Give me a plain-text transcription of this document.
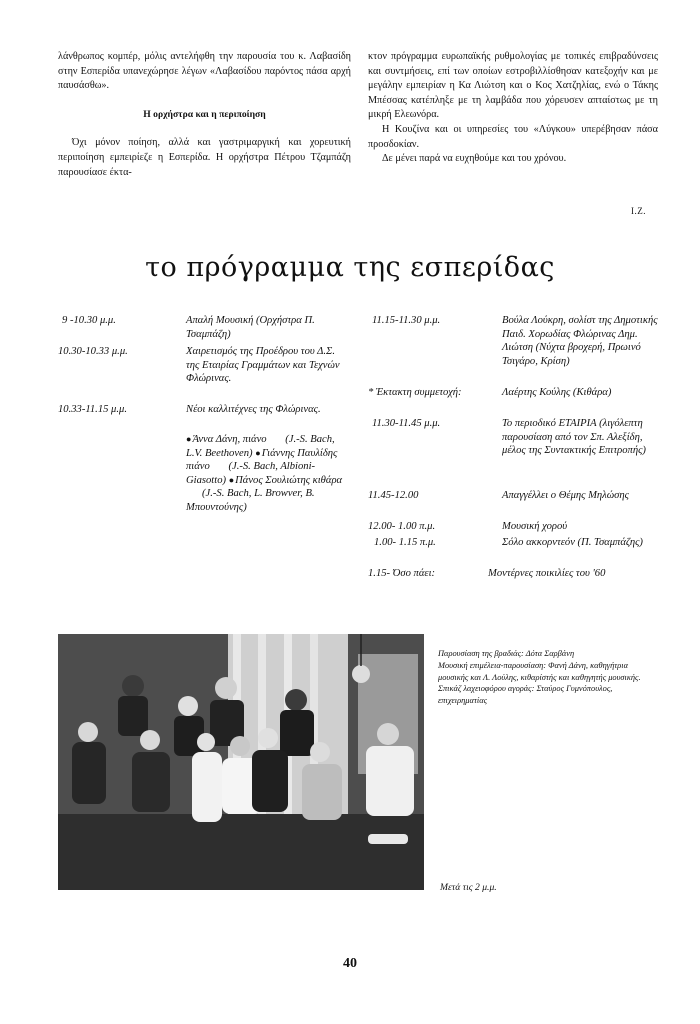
λάνθρωπος κομπέρ, μόλις αντελήφθη την παρουσία του κ. Λαβασίδη στην Εσπερίδα υπανεχώρησε λέγων «Λαβασίδου παρόντος πάσα αρχή παυσάσθω».

Η ορχήστρα και η περιποίηση

Όχι μόνον ποίηση, αλλά και γαστριμαργική και χορευτική περιποίηση εμπειρίεζε η Εσπερίδα. Η ορχήστρα Πέτρου Τζαμπάζη παρουσίασε έκτα-

κτον πρόγραμμα ευρωπαϊκής ρυθμολογίας με τοπικές επιβραδύνσεις και συντμήσεις, επί των οποίων εστροβιλλίσθησαν κατεξοχήν και με μεγάλην εμπειρίαν η Κα Λιώτση και ο Κος Χατζηλίας, ενώ ο Τάκης Μπέσσας κατέπληξε με τη λαμβάδα που χόρευσεν απταίστως με τη μικρή Ελεωνόρα.

Η Κουζίνα και οι υπηρεσίες του «Λύγκου» υπερέβησαν πάσα προσδοκίαν.

Δε μένει παρά να ευχηθούμε και του χρόνου.

Ι.Ζ.
το πρόγραμμα της εσπερίδας
9 -10.30 μ.μ.	Απαλή Μουσική (Ορχήστρα Π. Τσαμπάζη)
10.30-10.33 μ.μ.	Χαιρετισμός της Προέδρου του Δ.Σ. της Εταιρίας Γραμμάτων και Τεχνών Φλώρινας.
10.33-11.15 μ.μ.	Νέοι καλλιτέχνες της Φλώρινας.
● Άννα Δάνη, πιάνο (J.-S. Bach, L.V. Beethoven) ● Γιάννης Παυλίδης πιάνο (J.-S. Bach, Albioni-Giasotto) ● Πάνος Σουλιώτης κιθάρα (J.-S. Bach, L. Browver, B. Μπουντούνης)
11.15-11.30 μ.μ.	Βούλα Λούκρη, σολίστ της Δημοτικής Παιδ. Χορωδίας Φλώρινας Δημ. Λιώτση (Νύχτα βροχερή, Πρωινό Τσιγάρο, Κρίση)
* Έκτακτη συμμετοχή:	Λαέρτης Κούλης (Κιθάρα)
11.30-11.45 μ.μ.	Το περιοδικό ΕΤΑΙΡΙΑ (λιγόλεπτη παρουσίαση από τον Σπ. Αλεξίδη, μέλος της Συντακτικής Επιτροπής)
11.45-12.00	Απαγγέλλει ο Θέμης Μηλώσης
12.00- 1.00 π.μ.	Μουσική χορού
1.00- 1.15 π.μ.	Σόλο ακκορντεόν (Π. Τσαμπάζης)
1.15- Όσο πάει:	Μοντέρνες ποικιλίες του '60
Παρουσίαση της βραδιάς: Δότα Σαρβάνη
Μουσική επιμέλεια-παρουσίαση: Φανή Δάνη, καθηγήτρια μουσικής και Λ. Λούλης, κιθαρίστής και καθηγητής μουσικής.
Σπικάζ λαχειοφόρου αγοράς: Σταύρος Γυμνόπουλος, επιχειρηματίας
Μετά τις 2 μ.μ.
40
